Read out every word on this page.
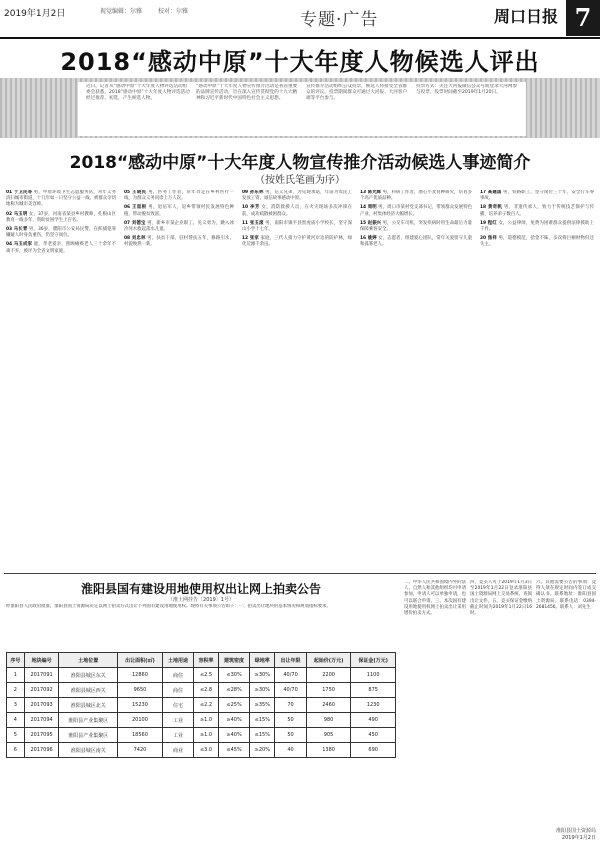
2019年1月2日	视觉编辑：尔雅	校对：尔雅	专题·广告	周口日报 7
2018“感动中原”十大年度人物候选人评出
近日，记者从“感动中原”十大年度人物评选活动组委会获悉，2018“感动中原”十大年度人物评选活动经过推荐、初选，产生候选人物。
“感动中原”十大年度人物宣传推介活动是我省重要的品牌宣传活动，旨在深入宣传贯彻党的十九大精神和习近平新时代中国特色社会主义思想。
宣传推介活动组织公众投票，候选人将接受全省群众的评议。投票期间群众可通过大河报、大河客户端等平台参与。
投票方式：关注大河报微信公众号或登录大河网参与投票，投票时间截至2019年1月20日。
2018“感动中原”十大年度人物宣传推介活动候选人事迹简介
（按姓氏笔画为序）
01 于卫民等 男，中原环境卫生志愿服务队，常年义务清扫城市街道，十几年如一日坚守公益一线，被群众亲切地称为城市美容师。
02 马玉明 女，37岁，河南省某县乡村教师，扎根山区教育一线多年，资助贫困学生上百名。
03 马长青 男，36岁，濮阳市公安局民警，在抓捕犯罪嫌疑人时身负重伤，仍坚守岗位。
04 马玉成家 庭，孝老爱亲，照顾瘫痪老人三十余年不离不弃，被评为全省文明家庭。
05 王晓民 男，医务工作者，常年奔走在乡村医疗一线，为群众义务问诊上万人次。
06 王留根 男，退伍军人，返乡带领村民发展特色种植，带动脱贫致富。
07 刘德宝 男，新乡市某企业职工，见义勇为，跳入冰冷河水救起落水儿童。
08 刘忠林 男，扶贫干部，驻村帮扶五年，修路引水，村貌焕然一新。
09 孙东林 男，信义兄弟，为兑现承诺，年前为农民工发放工资，诚信故事感动中原。
10 李芳 女，消防救援人员，在火灾现场多次冲锋在前，成功疏散被困群众。
11 张玉滚 男，南阳市镇平县黑虎庙小学校长，坚守深山小学十七年。
12 张家 家庭，三代人接力守护黄河岸边的防护林，绿化荒滩千余亩。
13 陈光辉 男，科研工作者，潜心小麦育种研究，培育多个高产优质品种。
14 周明 男，周口市某村党支部书记，带领群众发展特色产业，村集体经济大幅增长。
15 赵振兴 男，公交车司机，突发疾病时用生命最后力量保障乘客安全。
16 姚婷 女，志愿者，组建爱心团队，常年关爱留守儿童和孤寡老人。
17 高建国 男，铁路职工，坚守岗位三十年，安全行车零事故。
18 黄奇帆 男，非遗传承人，致力于传统技艺保护与传播，培养弟子数百人。
19 程红 女，公益律师，免费为困难群众提供法律援助上千件。
20 焦祥 男，道德模范，拾金不昧，多次将巨额财物归还失主。
淮阳县国有建设用地使用权出让网上拍卖公告
（淮土网挂告〔2019〕1号）
经淮阳县人民政府批准，淮阳县国土资源局决定以网上拍卖方式出让下列国有建设用地使用权。现将有关事项公告如下：一、拍卖出让地块的基本情况和规划指标要求。
序号	地块编号	土地位置	出让面积(㎡)	土地用途	容积率	建筑密度	绿地率	出让年限	起始价(万元)	保证金(万元)
1	2017091	淮阳县城区东关	12860	商住	≤2.5	≤30%	≥30%	40/70	2200	1100
2	2017092	淮阳县城区西关	9650	商住	≤2.8	≤28%	≥30%	40/70	1750	875
3	2017093	淮阳县城区北关	15230	住宅	≤2.2	≤25%	≥35%	70	2460	1230
4	2017094	淮阳县产业集聚区	20100	工业	≥1.0	≥40%	≤15%	50	980	490
5	2017095	淮阳县产业集聚区	18560	工业	≥1.0	≥40%	≤15%	50	905	450
6	2017096	淮阳县城区南关	7420	商业	≤3.0	≤45%	≥20%	40	1380	690
二、中华人民共和国境内外的法人、自然人和其他组织均可申请参加，申请人可以单独申请，也可以联合申请。三、本次国有建设用地使用权网上拍卖出让采用增价拍卖方式。
四、竞买人可于2019年1月3日至2019年1月22日登录淮阳县国土资源局网上交易系统，查阅出让文件。五、竞买保证金缴纳截止时间为2019年1月22日16时。
六、其他需要公告的事项：竞得人须在规定时间内签订成交确认书。联系地址：淮阳县国土资源局。联系电话：0394-2681456。联系人：刘先生
淮阳县国土资源局
2019年1月2日
